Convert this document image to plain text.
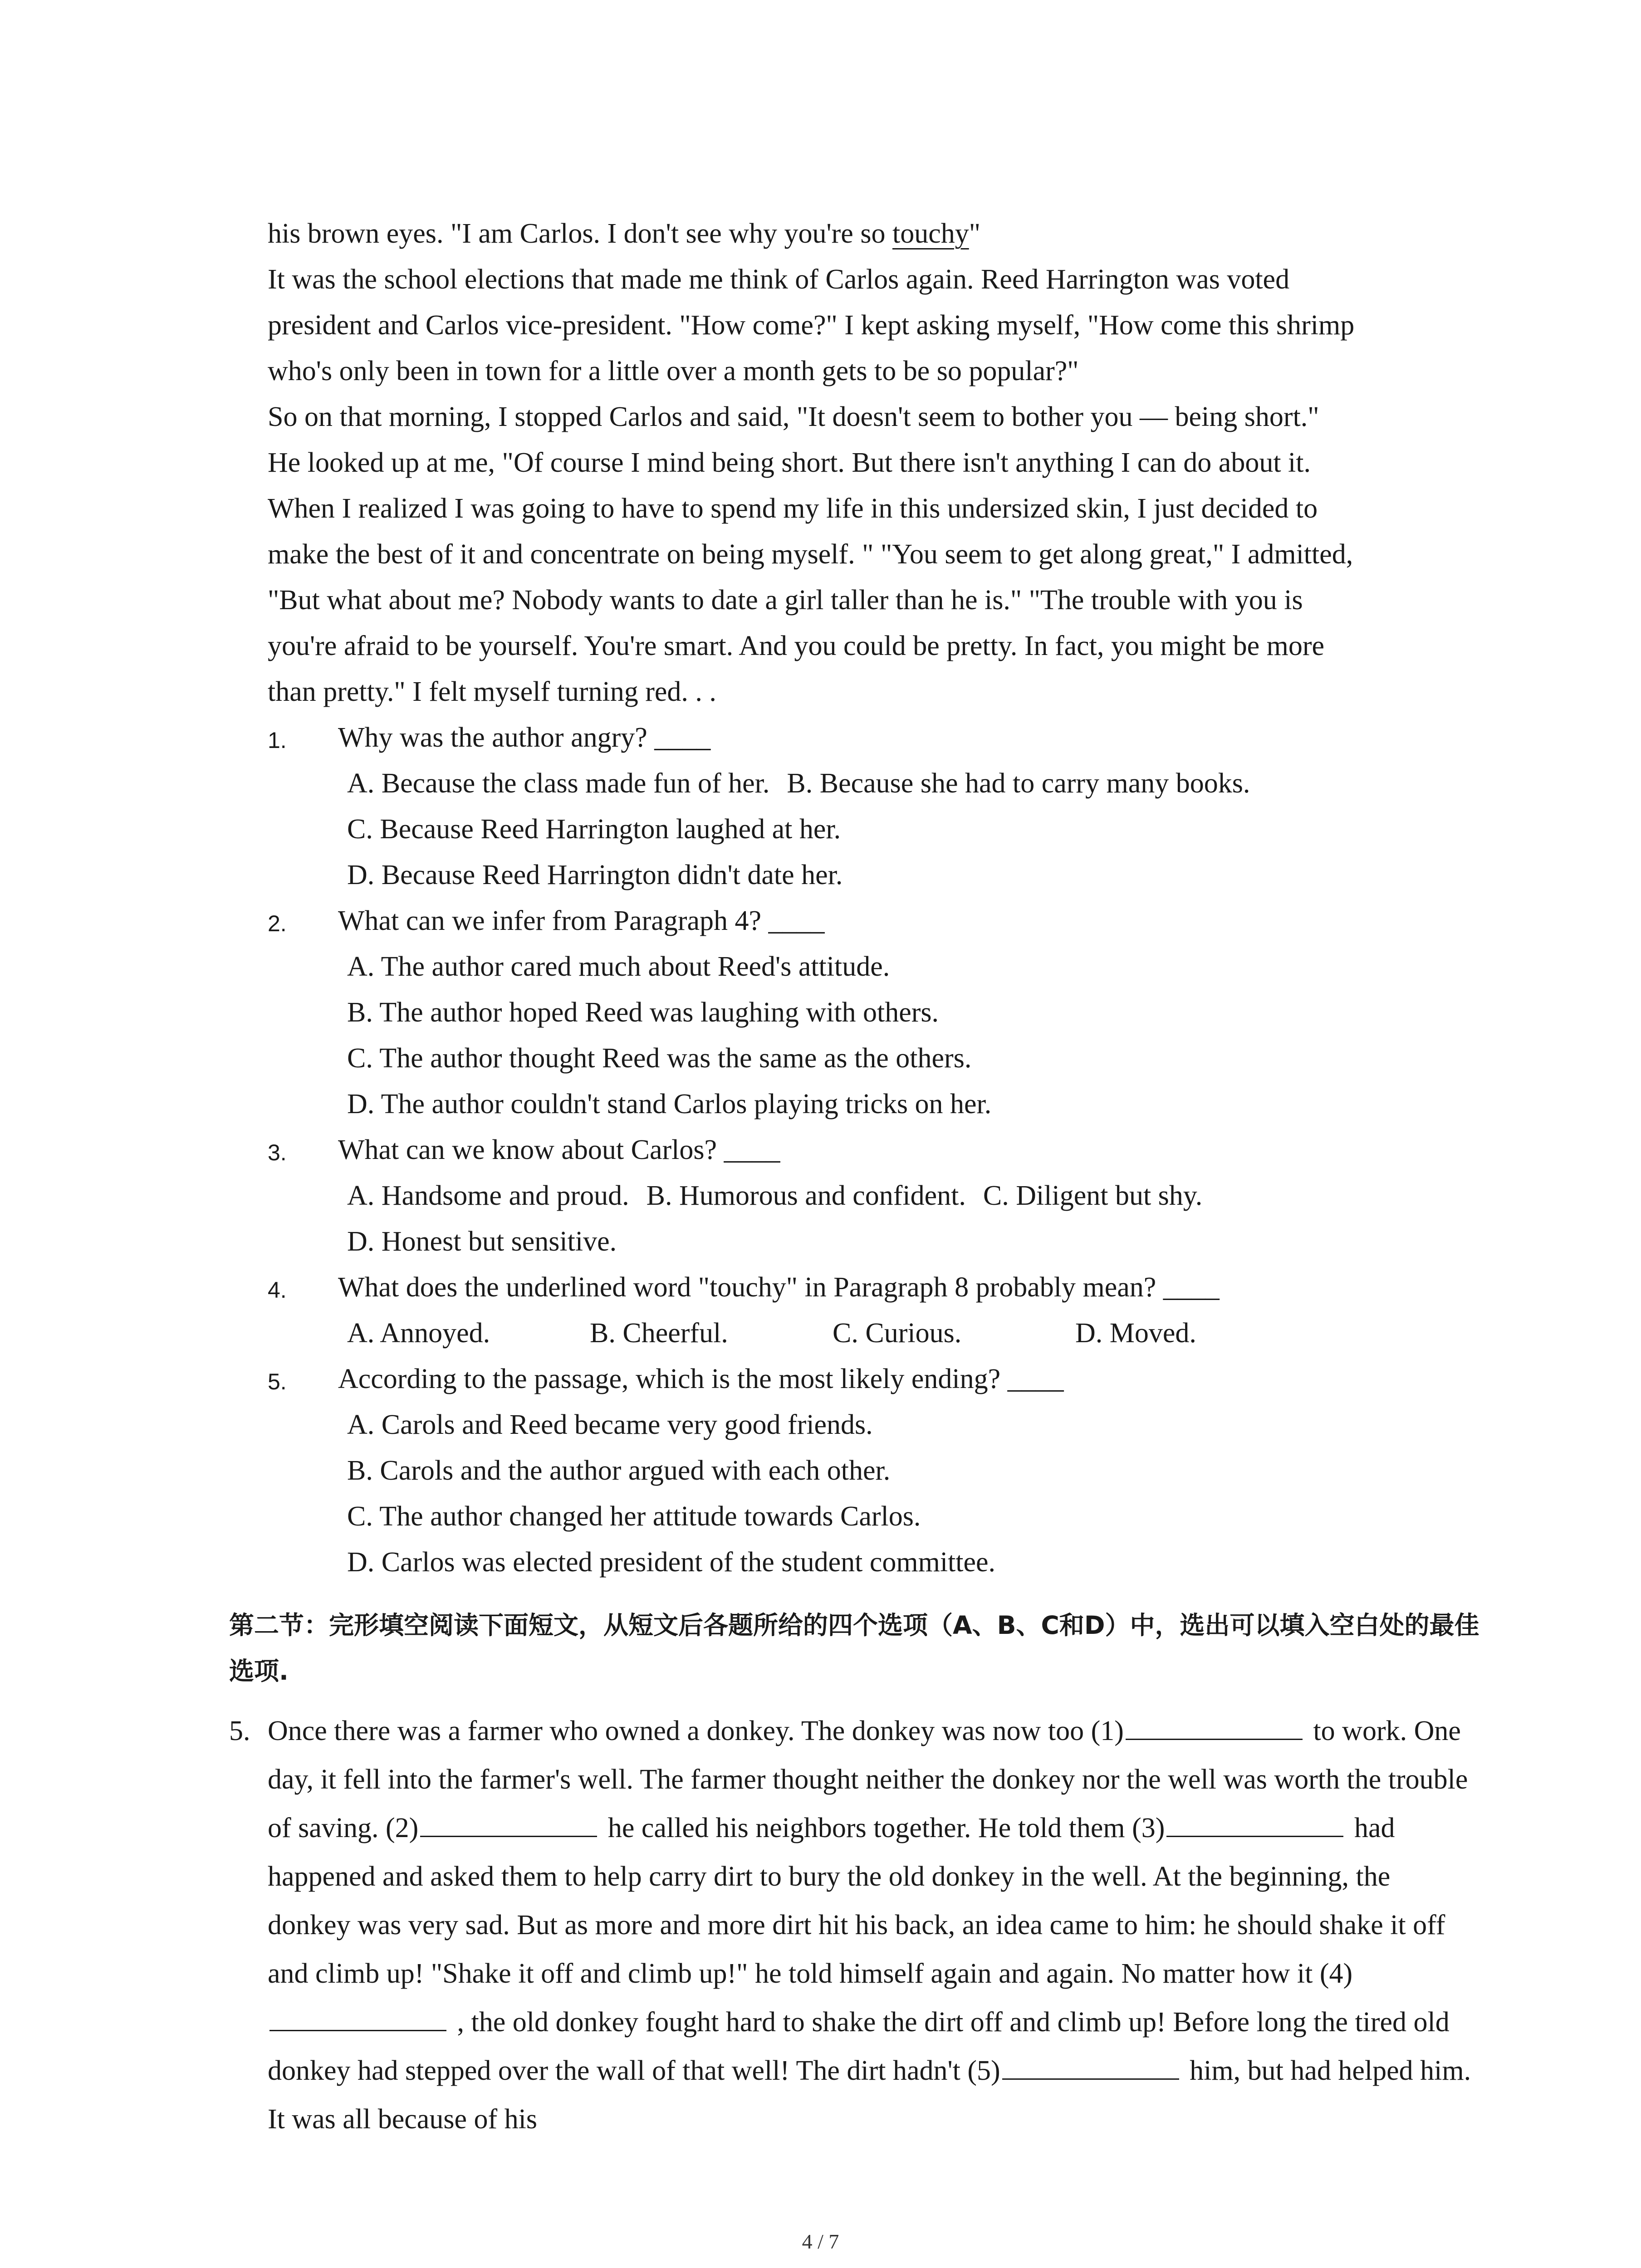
his brown eyes. "I am Carlos. I don't see why you're so touchy"

It was the school elections that made me think of Carlos again. Reed Harrington was voted

president and Carlos vice-president. "How come?" I kept asking myself, "How come this shrimp

who's only been in town for a little over a month gets to be so popular?"

So on that morning, I stopped Carlos and said, "It doesn't seem to bother you — being short."

He looked up at me, "Of course I mind being short. But there isn't anything I can do about it.

When I realized I was going to have to spend my life in this undersized skin, I just decided to

make the best of it and concentrate on being myself. " "You seem to get along great," I admitted,

"But what about me? Nobody wants to date a girl taller than he is." "The trouble with you is

you're afraid to be yourself. You're smart. And you could be pretty. In fact, you might be more

than pretty." I felt myself turning red. . .

1. Why was the author angry? ____
A. Because the class made fun of her. B. Because she had to carry many books.
C. Because Reed Harrington laughed at her.
D. Because Reed Harrington didn't date her.
2. What can we infer from Paragraph 4? ____
A. The author cared much about Reed's attitude.
B. The author hoped Reed was laughing with others.
C. The author thought Reed was the same as the others.
D. The author couldn't stand Carlos playing tricks on her.
3. What can we know about Carlos? ____
A. Handsome and proud. B. Humorous and confident. C. Diligent but shy.
D. Honest but sensitive.
4. What does the underlined word "touchy" in Paragraph 8 probably mean? ____
A. Annoyed.	B. Cheerful.	C. Curious.	D. Moved.
5. According to the passage, which is the most likely ending? ____
A. Carols and Reed became very good friends.
B. Carols and the author argued with each other.
C. The author changed her attitude towards Carlos.
D. Carlos was elected president of the student committee.
第二节：完形填空阅读下面短文，从短文后各题所给的四个选项（A、B、C和D）中，选出可以填入空白处的最佳选项.
5. Once there was a farmer who owned a donkey. The donkey was now too (1)	to work. One day, it fell into the farmer's well. The farmer thought neither the donkey nor the well was worth the trouble of saving. (2)	he called his neighbors together. He told them (3)	had happened and asked them to help carry dirt to bury the old donkey in the well. At the beginning, the donkey was very sad. But as more and more dirt hit his back, an idea came to him: he should shake it off and climb up! "Shake it off and climb up!" he told himself again and again. No matter how it (4) , the old donkey fought hard to shake the dirt off and climb up! Before long the tired old donkey had stepped over the wall of that well! The dirt hadn't (5)	him, but had helped him. It was all because of his
4 / 7
